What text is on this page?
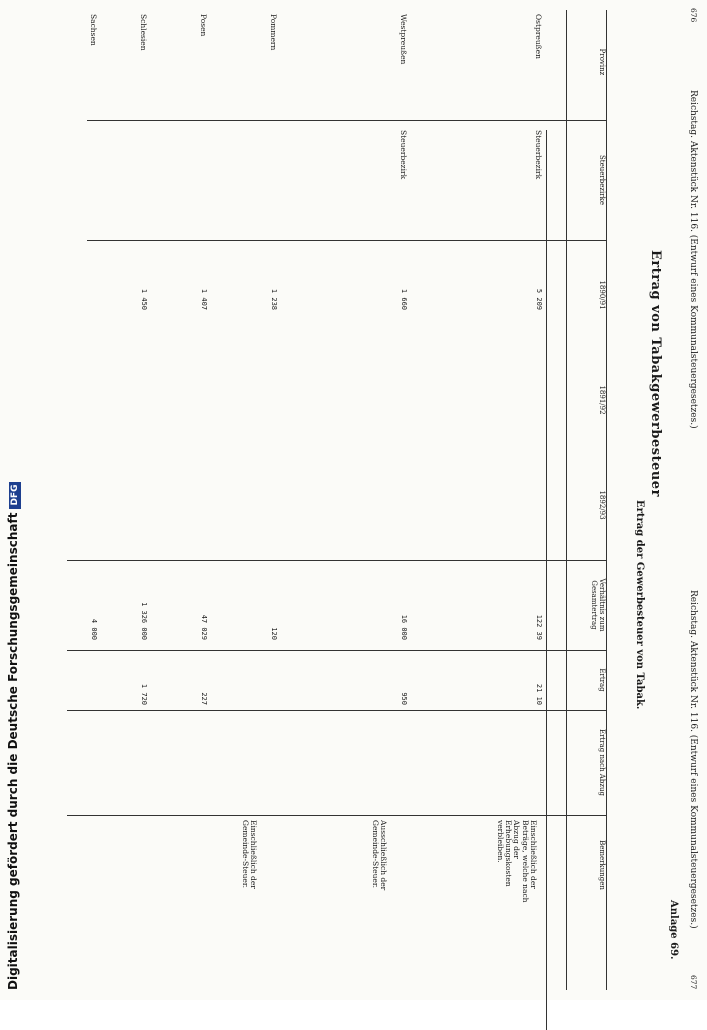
676
Reichstag. Aktenstück Nr. 116. (Entwurf eines Kommunalsteuergesetzes.)
Reichstag. Aktenstück Nr. 116. (Entwurf eines Kommunalsteuergesetzes.)
677
Anlage 69.
Ertrag von Tabakgewerbesteuer
Ertrag der Gewerbesteuer von Tabak.
Provinz
Steuerbezirke
1890/91
1891/92
1892/93
Verhältnis zum Gesamtertrag
Ertrag
Ertrag nach Abzug
Bemerkungen
Ostpreußen
Steuerbezirk
5 209
122 39
21 10
Westpreußen
Steuerbezirk
1 660
16 000
950
Pommern
1 238
120
Posen
1 407
47 029
227
Schlesien
1 450
1 326 000
1 720
Sachsen
4 000
Einschließlich der Beträge, welche nach Abzug der Erhebungskosten verbleiben.
Ausschließlich der Gemeinde-Steuer.
Einschließlich der Gemeinde-Steuer.
Digitalisierung gefördert durch die Deutsche ForschungsgemeinschaftDFG
